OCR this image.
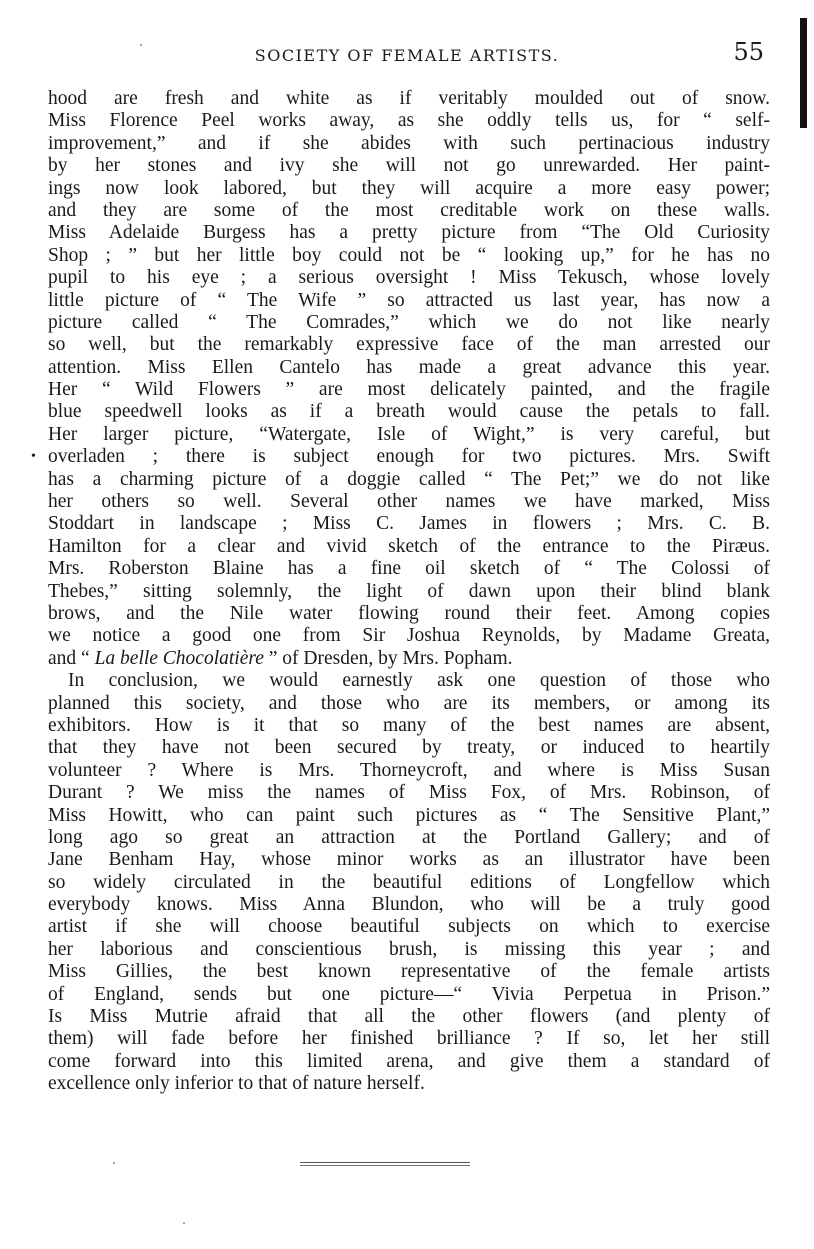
SOCIETY OF FEMALE ARTISTS.	55
hood are fresh and white as if veritably moulded out of snow.
Miss Florence Peel works away, as she oddly tells us, for “ self-
improvement,” and if she abides with such pertinacious industry
by her stones and ivy she will not go unrewarded. Her paint-
ings now look labored, but they will acquire a more easy power;
and they are some of the most creditable work on these walls.
Miss Adelaide Burgess has a pretty picture from “The Old Curiosity
Shop ; ” but her little boy could not be “ looking up,” for he has no
pupil to his eye ; a serious oversight ! Miss Tekusch, whose lovely
little picture of “ The Wife ” so attracted us last year, has now a
picture called “ The Comrades,” which we do not like nearly
so well, but the remarkably expressive face of the man arrested our
attention. Miss Ellen Cantelo has made a great advance this year.
Her “ Wild Flowers ” are most delicately painted, and the fragile
blue speedwell looks as if a breath would cause the petals to fall.
Her larger picture, “Watergate, Isle of Wight,” is very careful, but
• overladen ; there is subject enough for two pictures. Mrs. Swift
has a charming picture of a doggie called “ The Pet;” we do not like
her others so well. Several other names we have marked, Miss
Stoddart in landscape ; Miss C. James in flowers ; Mrs. C. B.
Hamilton for a clear and vivid sketch of the entrance to the Piræus.
Mrs. Roberston Blaine has a fine oil sketch of “ The Colossi of
Thebes,” sitting solemnly, the light of dawn upon their blind blank
brows, and the Nile water flowing round their feet. Among copies
we notice a good one from Sir Joshua Reynolds, by Madame Greata,
and “ La belle Chocolatière ” of Dresden, by Mrs. Popham.
In conclusion, we would earnestly ask one question of those who
planned this society, and those who are its members, or among its
exhibitors. How is it that so many of the best names are absent,
that they have not been secured by treaty, or induced to heartily
volunteer ? Where is Mrs. Thorneycroft, and where is Miss Susan
Durant ? We miss the names of Miss Fox, of Mrs. Robinson, of
Miss Howitt, who can paint such pictures as “ The Sensitive Plant,”
long ago so great an attraction at the Portland Gallery; and of
Jane Benham Hay, whose minor works as an illustrator have been
so widely circulated in the beautiful editions of Longfellow which
everybody knows. Miss Anna Blundon, who will be a truly good
artist if she will choose beautiful subjects on which to exercise
her laborious and conscientious brush, is missing this year ; and
Miss Gillies, the best known representative of the female artists
of England, sends but one picture—“ Vivia Perpetua in Prison.”
Is Miss Mutrie afraid that all the other flowers (and plenty of
them) will fade before her finished brilliance ? If so, let her still
come forward into this limited arena, and give them a standard of
excellence only inferior to that of nature herself.
